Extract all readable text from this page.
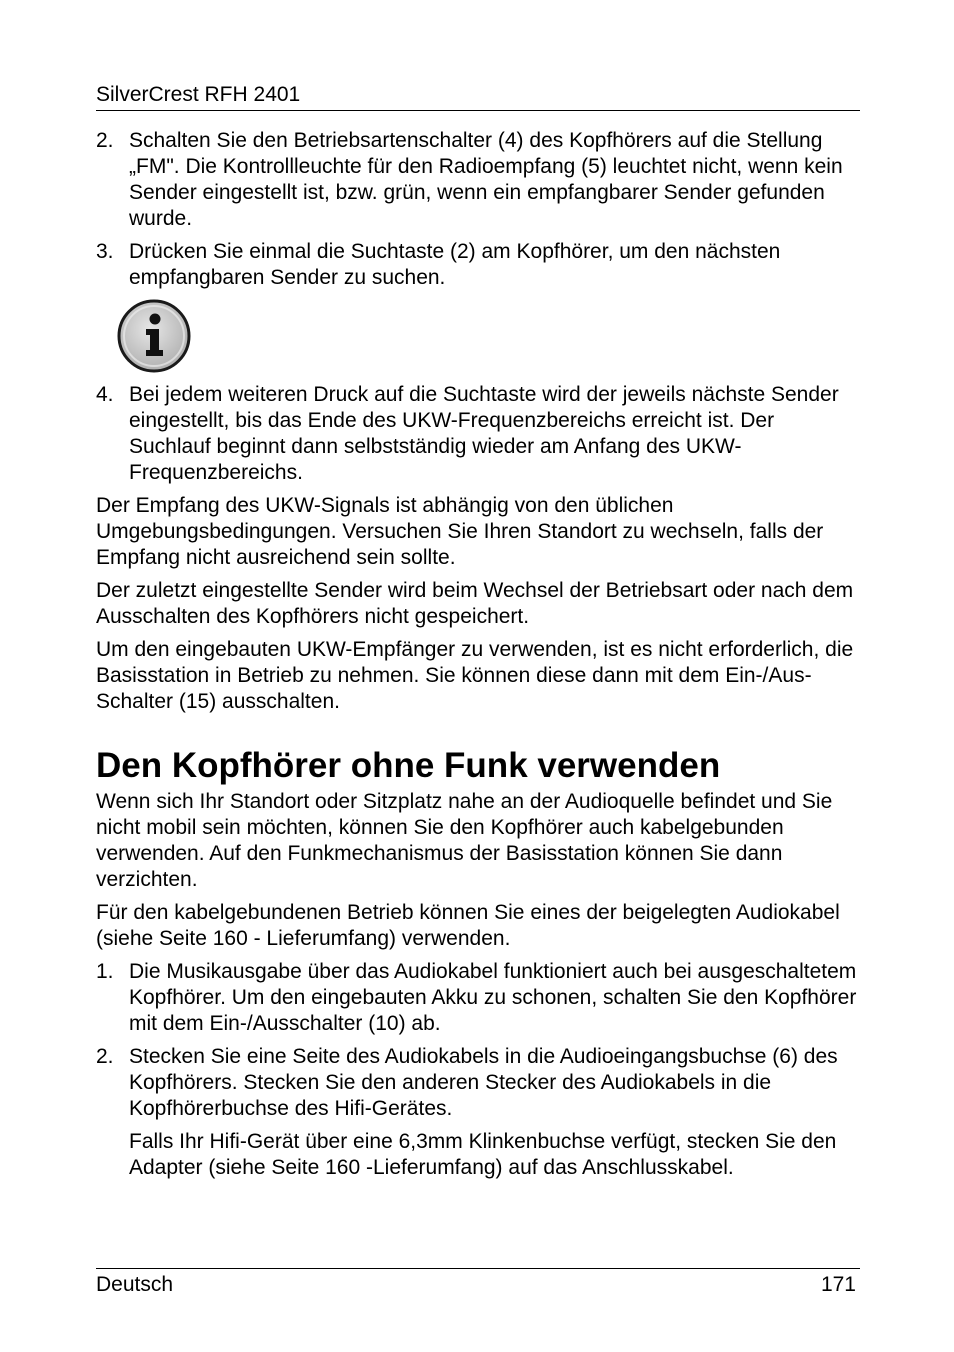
SilverCrest RFH 2401
2. Schalten Sie den Betriebsartenschalter (4) des Kopfhörers auf die Stellung „FM". Die Kontrollleuchte für den Radioempfang (5) leuchtet nicht, wenn kein Sender eingestellt ist, bzw. grün, wenn ein empfangbarer Sender gefunden wurde.
3. Drücken Sie einmal die Suchtaste (2) am Kopfhörer, um den nächsten empfangbaren Sender zu suchen.
4. Bei jedem weiteren Druck auf die Suchtaste wird der jeweils nächste Sender eingestellt, bis das Ende des UKW-Frequenzbereichs erreicht ist. Der Suchlauf beginnt dann selbstständig wieder am Anfang des UKW-Frequenzbereichs.

Der Empfang des UKW-Signals ist abhängig von den üblichen Umgebungsbedingungen. Versuchen Sie Ihren Standort zu wechseln, falls der Empfang nicht ausreichend sein sollte.

Der zuletzt eingestellte Sender wird beim Wechsel der Betriebsart oder nach dem Ausschalten des Kopfhörers nicht gespeichert.

Um den eingebauten UKW-Empfänger zu verwenden, ist es nicht erforderlich, die Basisstation in Betrieb zu nehmen. Sie können diese dann mit dem Ein-/Aus-Schalter (15) ausschalten.

Den Kopfhörer ohne Funk verwenden

Wenn sich Ihr Standort oder Sitzplatz nahe an der Audioquelle befindet und Sie nicht mobil sein möchten, können Sie den Kopfhörer auch kabelgebunden verwenden. Auf den Funkmechanismus der Basisstation können Sie dann verzichten.

Für den kabelgebundenen Betrieb können Sie eines der beigelegten Audiokabel (siehe Seite 160 - Lieferumfang) verwenden.

1. Die Musikausgabe über das Audiokabel funktioniert auch bei ausgeschaltetem Kopfhörer. Um den eingebauten Akku zu schonen, schalten Sie den Kopfhörer mit dem Ein-/Ausschalter (10) ab.
2. Stecken Sie eine Seite des Audiokabels in die Audioeingangsbuchse (6) des Kopfhörers. Stecken Sie den anderen Stecker des Audiokabels in die Kopfhörerbuchse des Hifi-Gerätes.

Falls Ihr Hifi-Gerät über eine 6,3mm Klinkenbuchse verfügt, stecken Sie den Adapter (siehe Seite 160 -Lieferumfang) auf das Anschlusskabel.

Deutsch	171
